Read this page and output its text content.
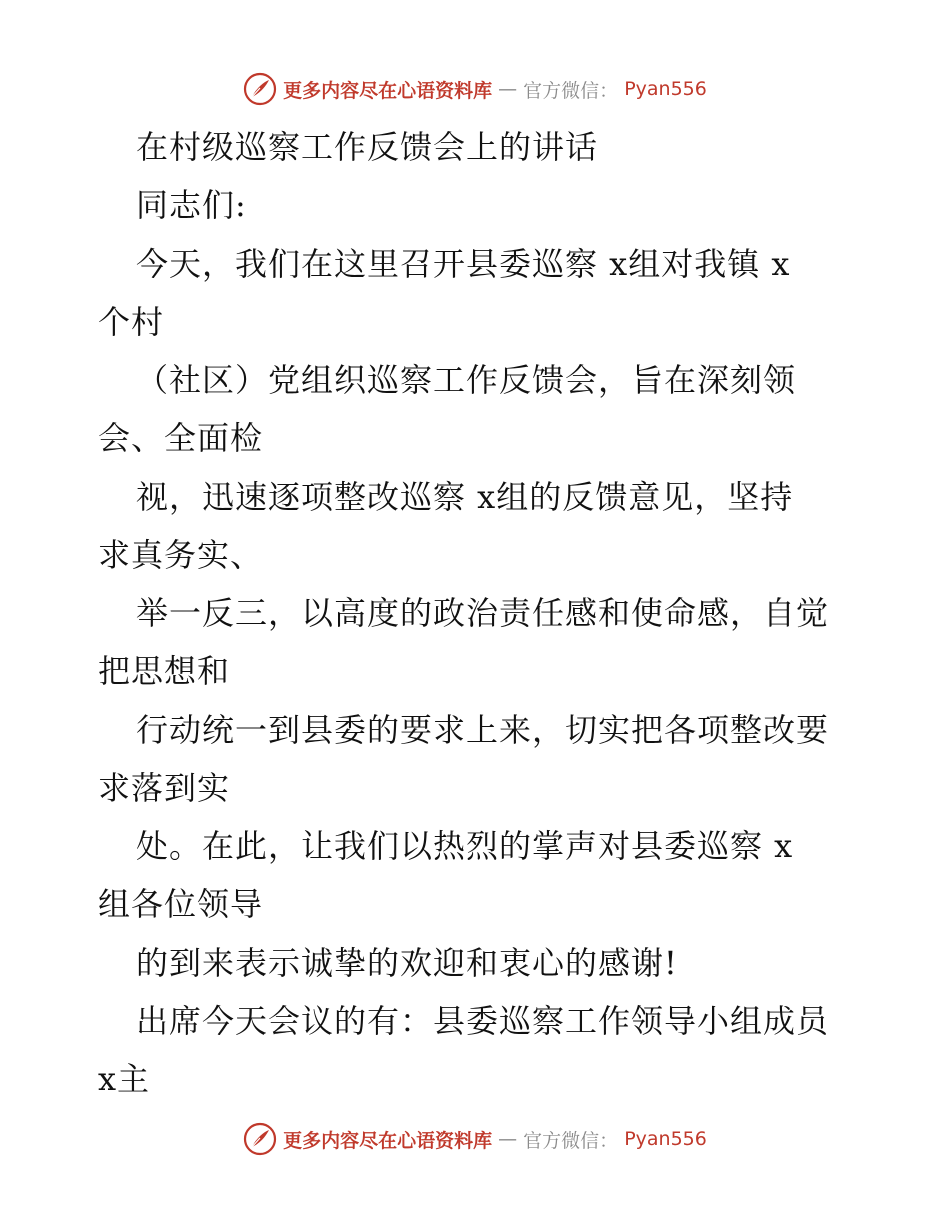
更多内容尽在心语资料库 — 官方微信： Pyan556
在村级巡察工作反馈会上的讲话
同志们:
今天，我们在这里召开县委巡察 x组对我镇 x
个村
（社区）党组织巡察工作反馈会，旨在深刻领
会、全面检
视，迅速逐项整改巡察 x组的反馈意见，坚持
求真务实、
举一反三，以高度的政治责任感和使命感，自觉
把思想和
行动统一到县委的要求上来，切实把各项整改要
求落到实
处。在此，让我们以热烈的掌声对县委巡察 x
组各位领导
的到来表示诚挚的欢迎和衷心的感谢!
出席今天会议的有：县委巡察工作领导小组成员
x主
更多内容尽在心语资料库 — 官方微信： Pyan556
